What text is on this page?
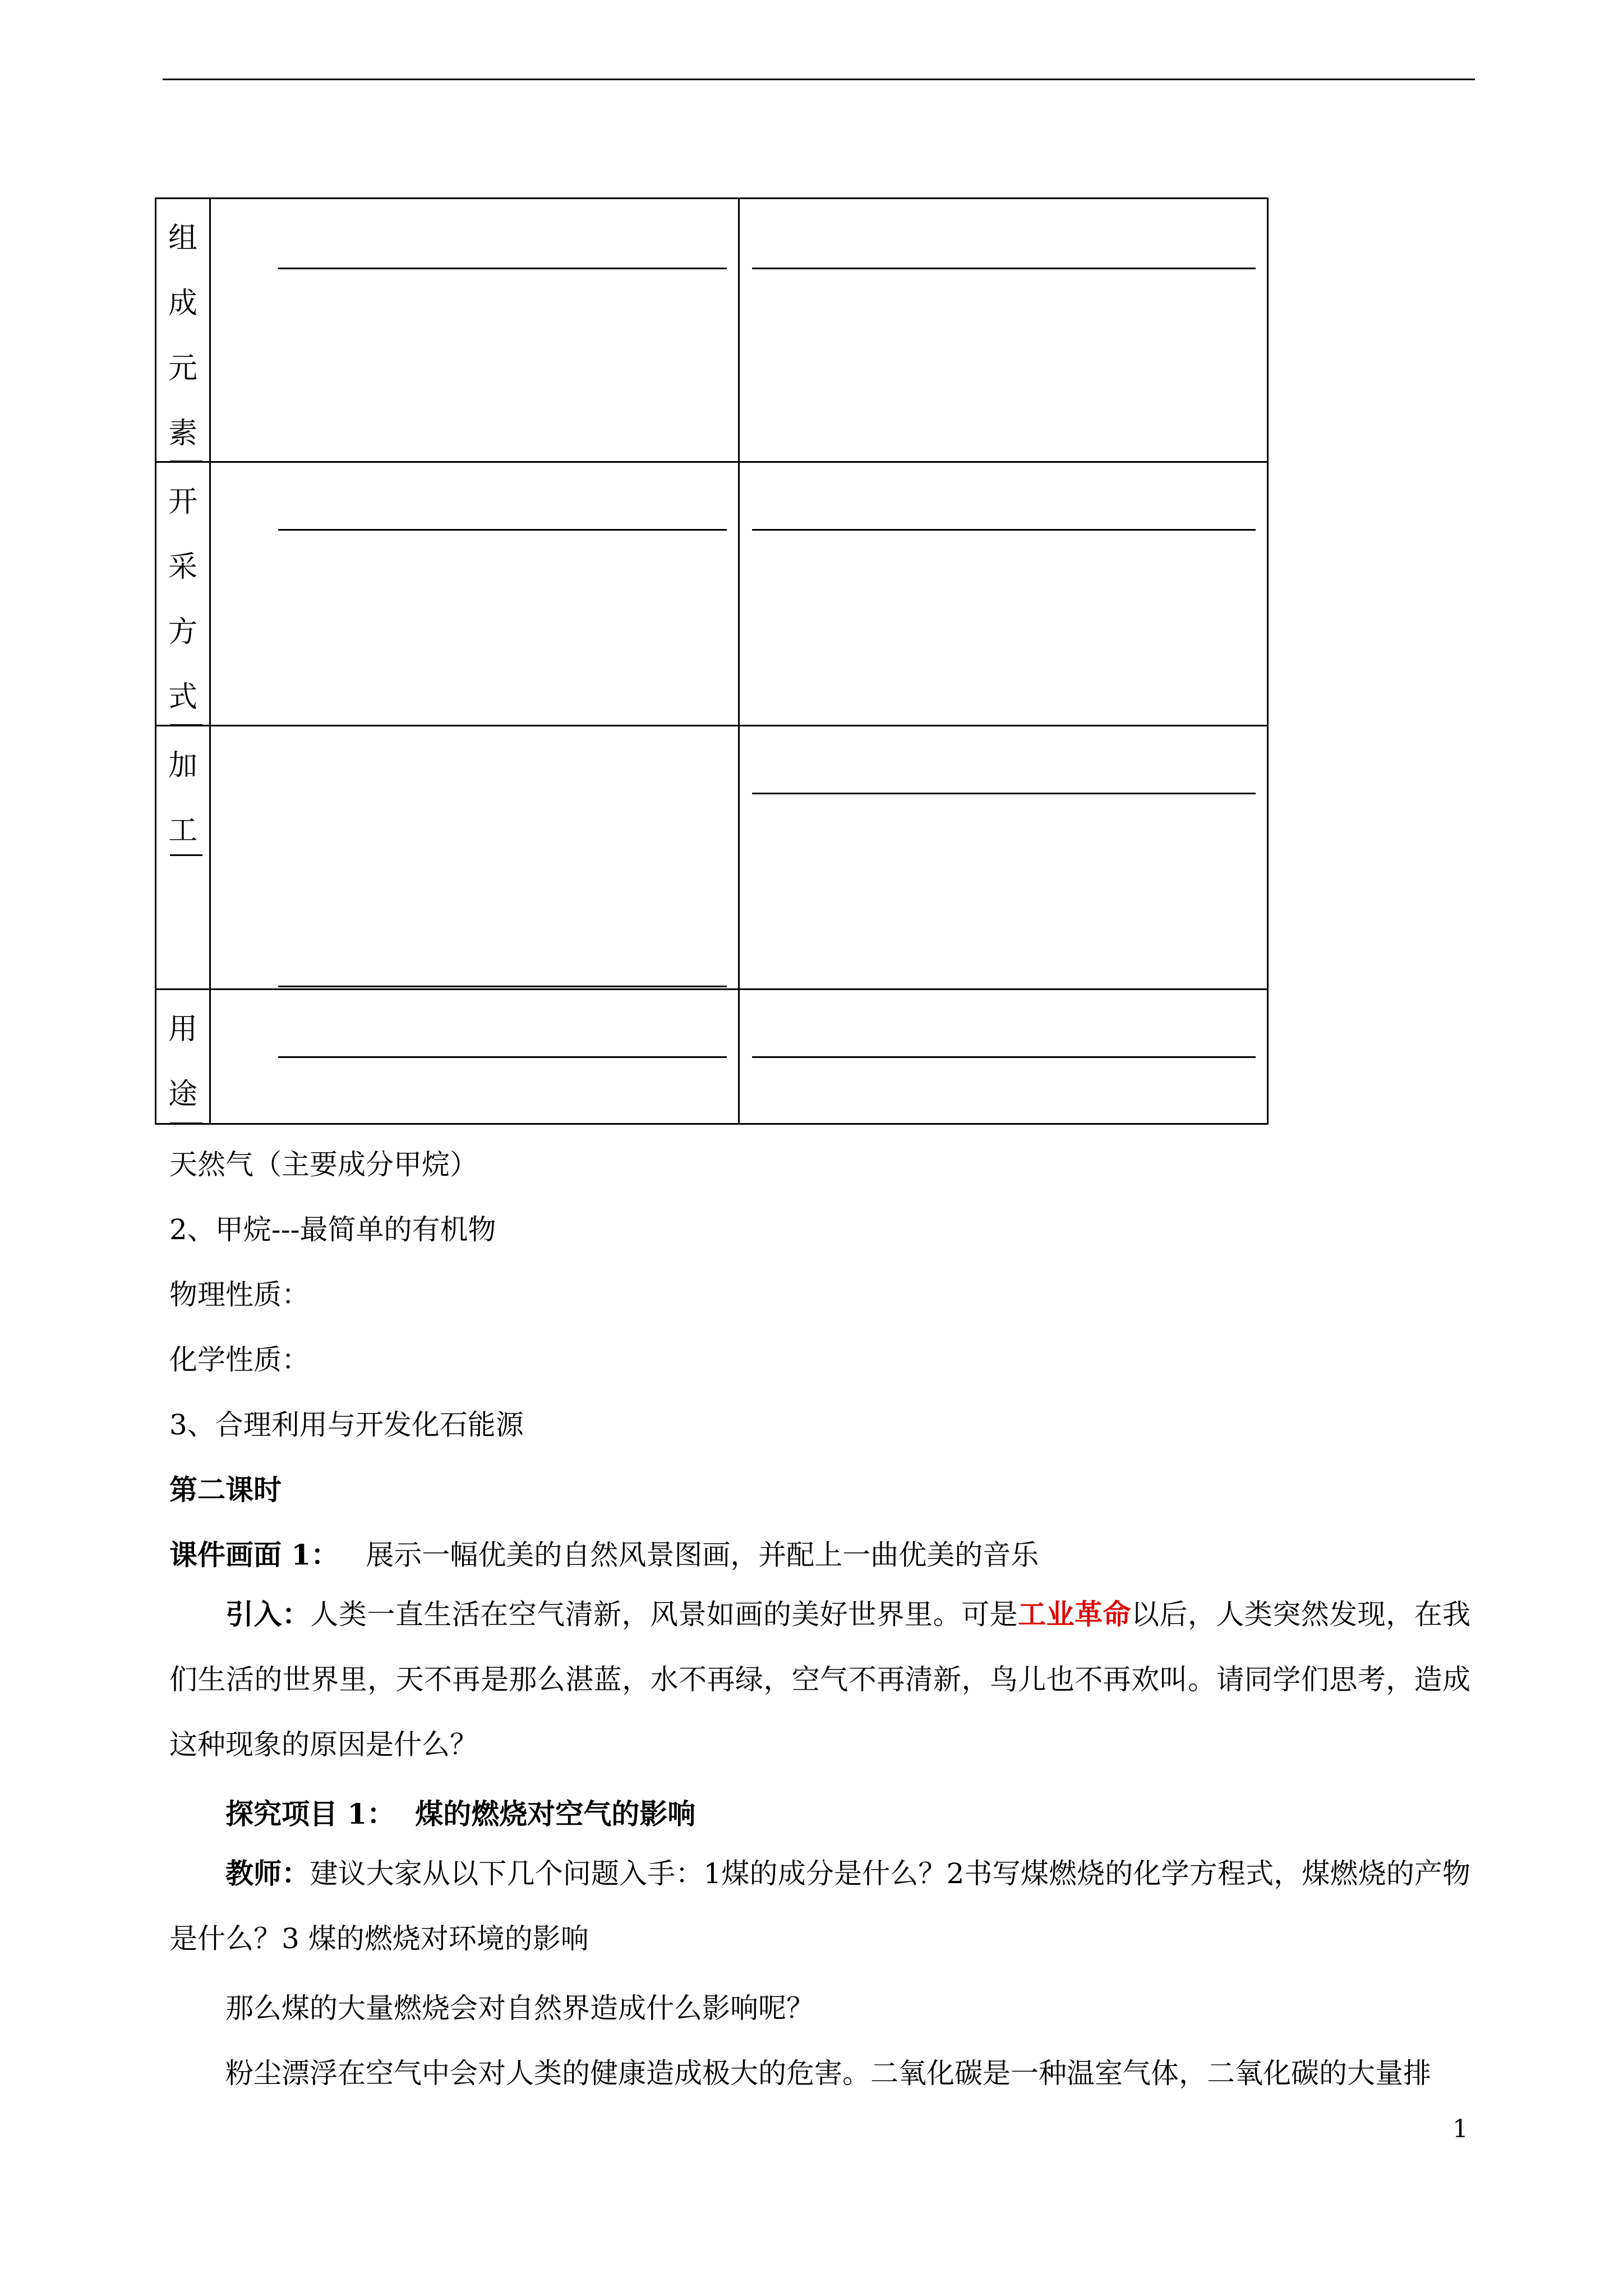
组
成
元
素		

开
采
方
式		

加
工		

用
途		

天然气（主要成分甲烷）
2、甲烷---最简单的有机物
物理性质：
化学性质：
3、合理利用与开发化石能源
第二课时
课件画面 1： 展示一幅优美的自然风景图画，并配上一曲优美的音乐
引入：人类一直生活在空气清新，风景如画的美好世界里。可是工业革命以后，人类突然发现，在我们生活的世界里，天不再是那么湛蓝，水不再绿，空气不再清新，鸟儿也不再欢叫。请同学们思考，造成这种现象的原因是什么？
探究项目 1： 煤的燃烧对空气的影响
教师：建议大家从以下几个问题入手：1煤的成分是什么？2书写煤燃烧的化学方程式，煤燃烧的产物是什么？3 煤的燃烧对环境的影响
那么煤的大量燃烧会对自然界造成什么影响呢？
粉尘漂浮在空气中会对人类的健康造成极大的危害。二氧化碳是一种温室气体，二氧化碳的大量排
1
